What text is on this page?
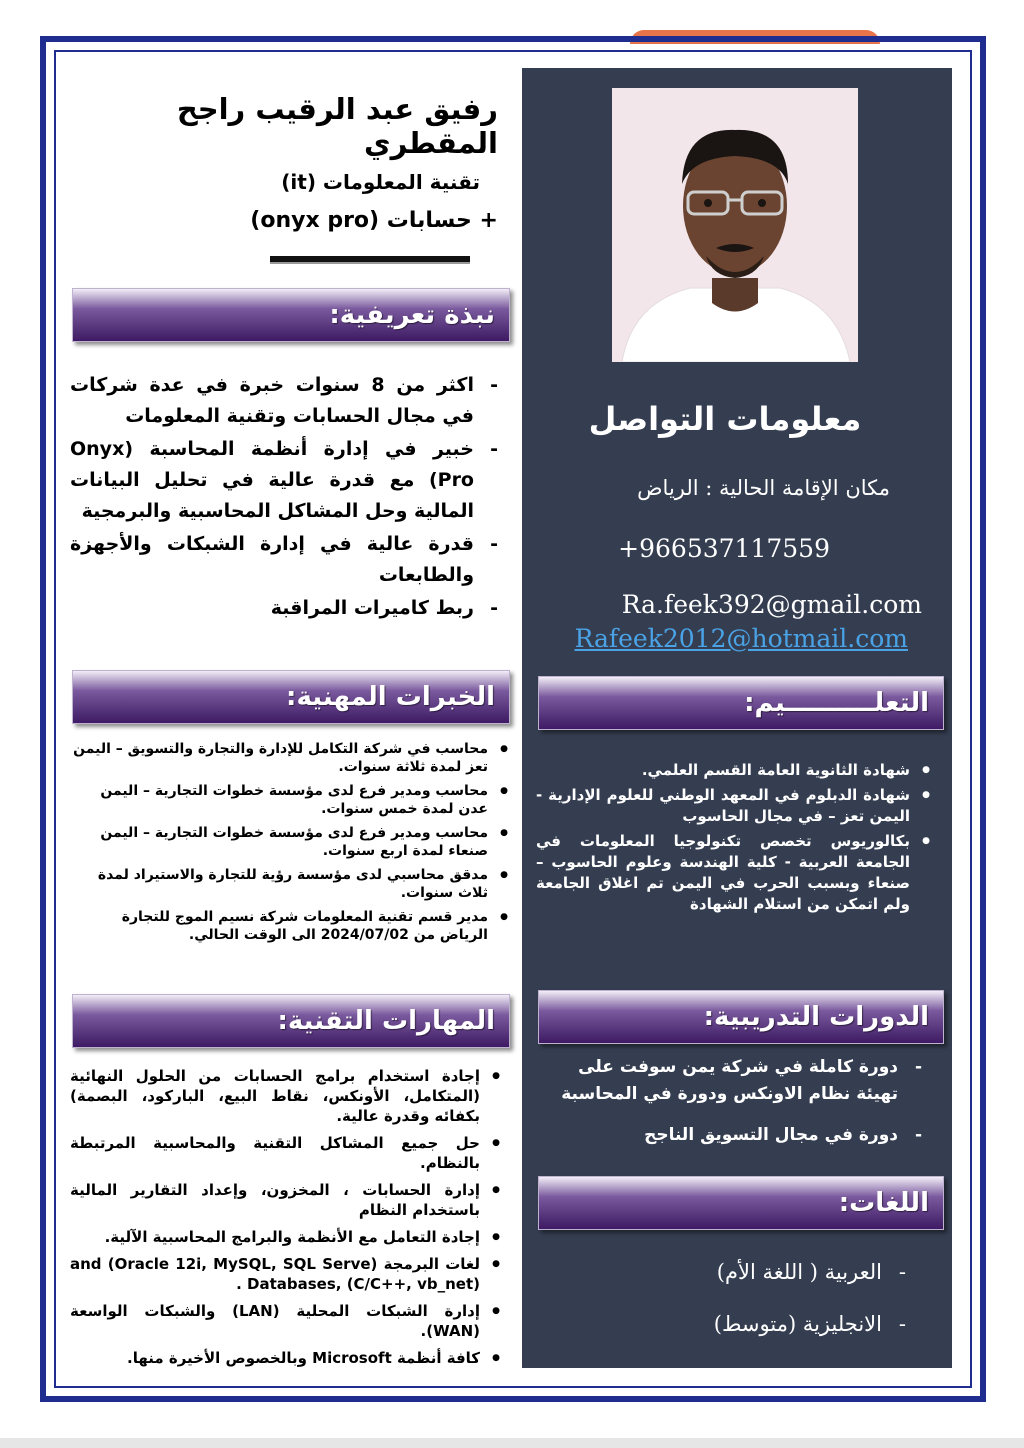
معلومات التواصل
مكان الإقامة الحالية : الرياض
+966537117559
Ra.feek392@gmail.com
Rafeek2012@hotmail.com
رفيق عبد الرقيب راجح المقطري
تقنية المعلومات (it)
+ حسابات (onyx pro)
نبذة تعريفية:
- اكثر من 8 سنوات خبرة في عدة شركات في مجال الحسابات وتقنية المعلومات
- خبير في إدارة أنظمة المحاسبة (Onyx Pro) مع قدرة عالية في تحليل البيانات المالية وحل المشاكل المحاسبية والبرمجية
- قدرة عالية في إدارة الشبكات والأجهزة والطابعات
- ربط كاميرات المراقبة
الخبرات المهنية:
● محاسب في شركة التكامل للإدارة والتجارة والتسويق – اليمن تعز لمدة ثلاثة سنوات.
● محاسب ومدير فرع لدى مؤسسة خطوات التجارية – اليمن عدن لمدة خمس سنوات.
● محاسب ومدير فرع لدى مؤسسة خطوات التجارية – اليمن صنعاء لمدة اربع سنوات.
● مدقق محاسبي لدى مؤسسة رؤية للتجارة والاستيراد لمدة ثلاث سنوات.
● مدير قسم تقنية المعلومات شركة نسيم الموج للتجارة الرياض من 2024/07/02 الى الوقت الحالي.
المهارات التقنية:
● إجادة استخدام برامج الحسابات من الحلول النهائية (المتكامل، الأونكس، نقاط البيع، الباركود، البصمة) بكفائه وقدرة عالية.
● حل جميع المشاكل التقنية والمحاسبية المرتبطة بالنظام.
● إدارة الحسابات ، المخزون، وإعداد التقارير المالية باستخدام النظام
● إجادة التعامل مع الأنظمة والبرامج المحاسبية الآلية.
● لغات البرمجة and (Oracle 12i, MySQL, SQL Serve) . Databases, (C/C++, vb_net)
● إدارة الشبكات المحلية (LAN) والشبكات الواسعة (WAN).
● كافة أنظمة Microsoft وبالخصوص الأخيرة منها.
التعلــــــــــيم:
● شهادة الثانوية العامة القسم العلمي.
● شهادة الدبلوم في المعهد الوطني للعلوم الإدارية - اليمن تعز – في مجال الحاسوب
● بكالوريوس تخصص تكنولوجيا المعلومات في الجامعة العربية - كلية الهندسة وعلوم الحاسوب – صنعاء وبسبب الحرب في اليمن تم اغلاق الجامعة ولم اتمكن من استلام الشهادة
الدورات التدريبية:
- دورة كاملة في شركة يمن سوفت على تهيئة نظام الاونكس ودورة في المحاسبة
- دورة في مجال التسويق الناجح
اللغات:
- العربية ( اللغة الأم)
- الانجليزية (متوسط)
